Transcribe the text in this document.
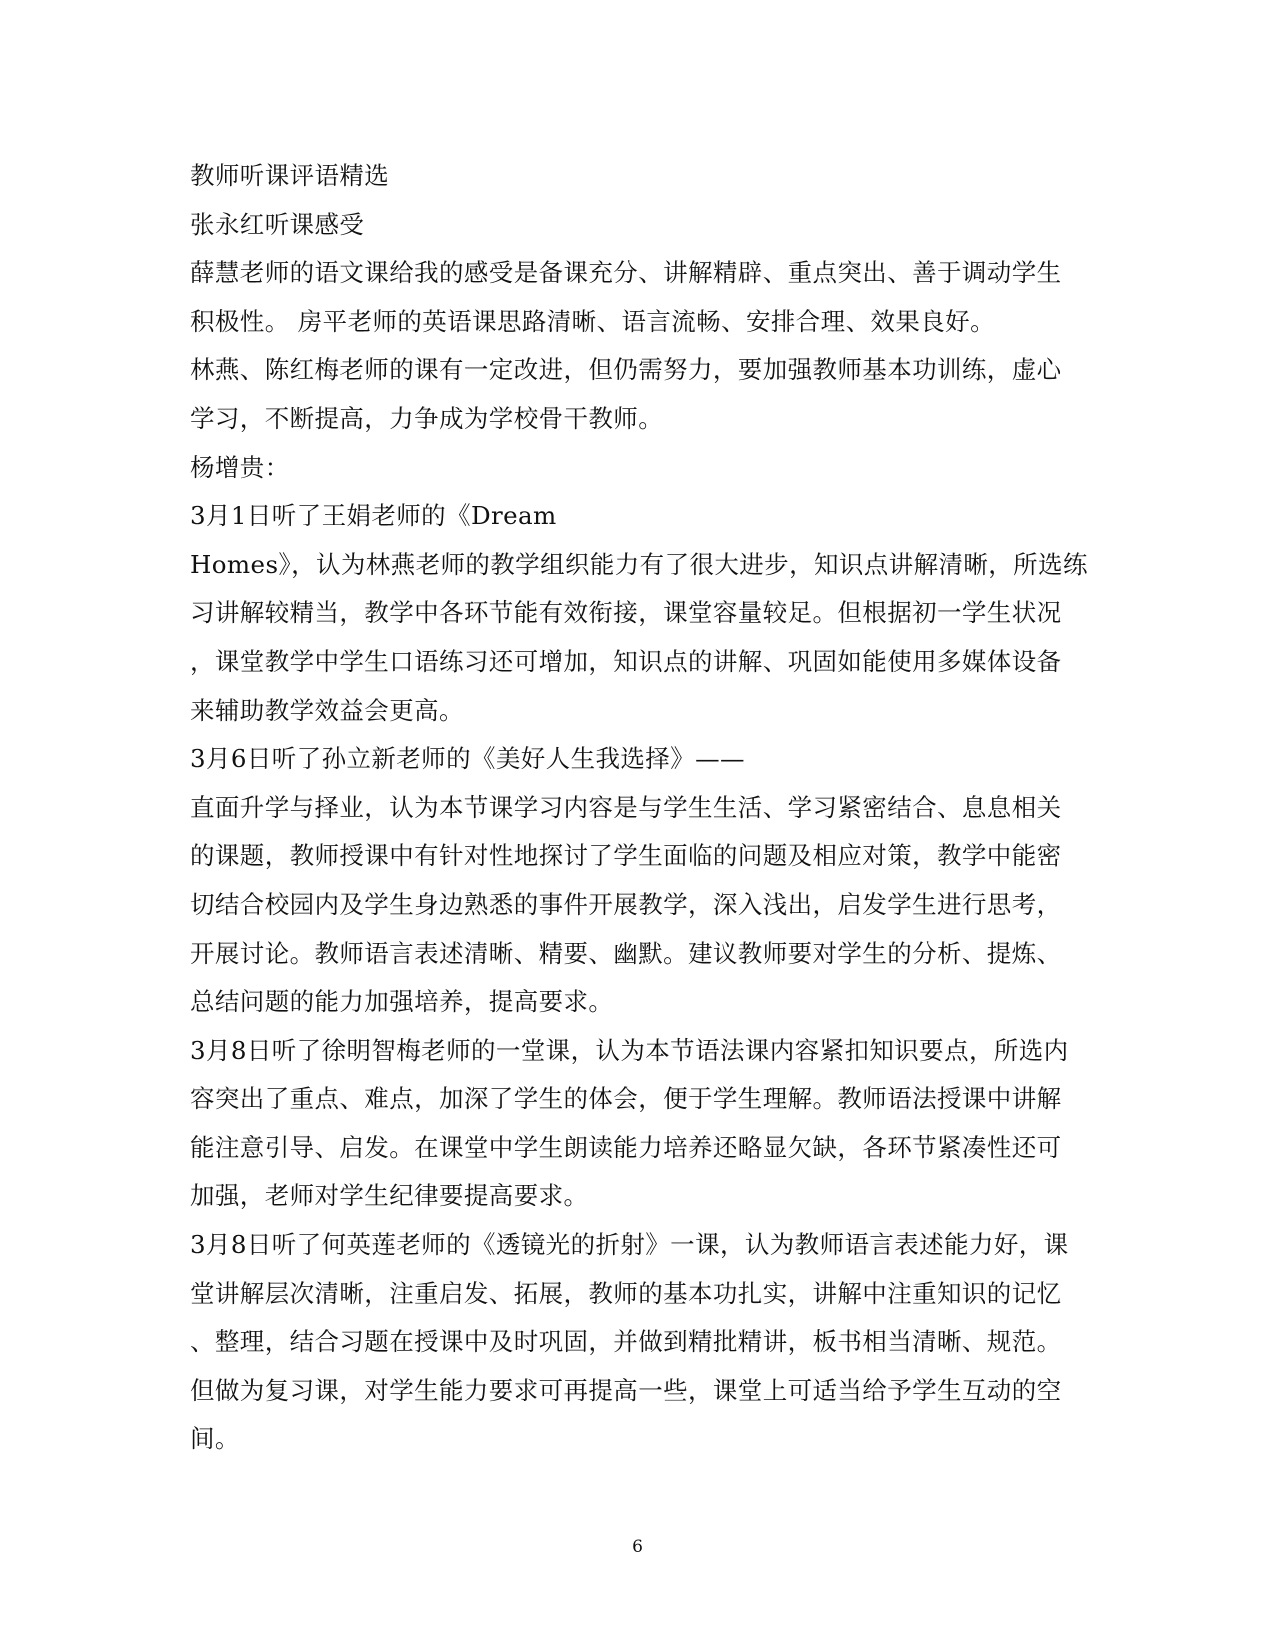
教师听课评语精选
张永红听课感受
薛慧老师的语文课给我的感受是备课充分、讲解精辟、重点突出、善于调动学生
积极性。 房平老师的英语课思路清晰、语言流畅、安排合理、效果良好。
林燕、陈红梅老师的课有一定改进，但仍需努力，要加强教师基本功训练，虚心
学习，不断提高，力争成为学校骨干教师。
杨增贵：
3月1日听了王娟老师的《Dream
Homes》，认为林燕老师的教学组织能力有了很大进步，知识点讲解清晰，所选练
习讲解较精当，教学中各环节能有效衔接，课堂容量较足。但根据初一学生状况
，课堂教学中学生口语练习还可增加，知识点的讲解、巩固如能使用多媒体设备
来辅助教学效益会更高。
3月6日听了孙立新老师的《美好人生我选择》——
直面升学与择业，认为本节课学习内容是与学生生活、学习紧密结合、息息相关
的课题，教师授课中有针对性地探讨了学生面临的问题及相应对策，教学中能密
切结合校园内及学生身边熟悉的事件开展教学，深入浅出，启发学生进行思考，
开展讨论。教师语言表述清晰、精要、幽默。建议教师要对学生的分析、提炼、
总结问题的能力加强培养，提高要求。
3月8日听了徐明智梅老师的一堂课，认为本节语法课内容紧扣知识要点，所选内
容突出了重点、难点，加深了学生的体会，便于学生理解。教师语法授课中讲解
能注意引导、启发。在课堂中学生朗读能力培养还略显欠缺，各环节紧凑性还可
加强，老师对学生纪律要提高要求。
3月8日听了何英莲老师的《透镜光的折射》一课，认为教师语言表述能力好，课
堂讲解层次清晰，注重启发、拓展，教师的基本功扎实，讲解中注重知识的记忆
、整理，结合习题在授课中及时巩固，并做到精批精讲，板书相当清晰、规范。
但做为复习课，对学生能力要求可再提高一些，课堂上可适当给予学生互动的空
间。
6
